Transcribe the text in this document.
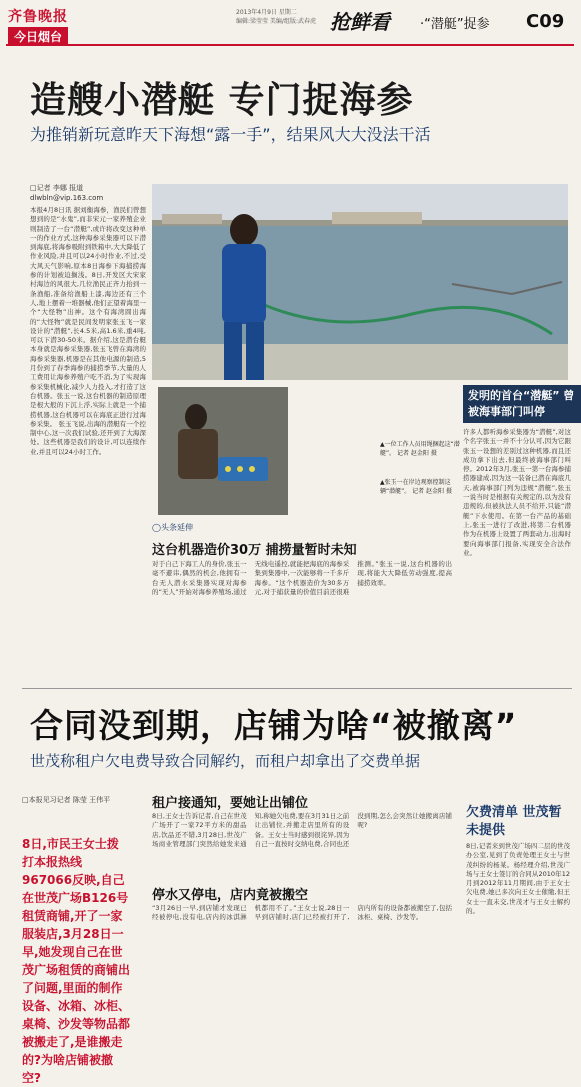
齐鲁晚报
今日烟台
2013年4月9日 星期二
编辑:梁莹莹 美编/组版:武春虎 抢鲜看 ·“潜艇”捉参 C09
造艘小潜艇 专门捉海参
为推销新玩意昨天下海想“露一手”，结果风大大没法干活
□记者 李娜 报道
dlwbln@vip.163.com
本报4月8日讯 据刘衡海参，渔民们曾想想到的是“水鬼”,而非宋元一家养殖企业则制造了一台“潜艇”,或许将改变这种单一的作业方式,这种海参采集器可以下潜到海底,将海参吸附到铁箱中,大大降低了作业风险,并且可以24小时作业,不过,受大风天气影响,原本8日海参下海捕捞海参的计划被迫搁浅。8日,开发区大宋家村海边的风很大,几位渔民正齐力抬到一条渔船,准备给渔船上漆,海边还有三个人,地上摆着一堆器械,他们正望着海里一个“大怪物”出神。这个有海湾圆出海的“大怪物”就是民间发明家张玉飞一家设计的“潜艇”,长4.5米,高1.6米,重4吨,可以下潜30-50米。据介绍,这是潜台艇本身就是海参采集器,张玉飞曾在海湾的海参采集器,机器是在其他电源的制造,5月份到了春季海参的捕捞季节,大量的人工费用让海参养殖户吃不消,为了实现海参采集机械化,减少人力投入,才打造了这台机器。张玉一说,这台机器的制造原理是根大般的下沉上浮,实际上就是一个捕捞机器,这台机器可以在海底正进行过海参采集。 张玉飞说,出海的潜艇有一个控制中心,这一次我们试验,还开到了大海深处。这些机器是我们的设计,可以连续作业,并且可以24小时工作。
▲一位工作人员用绳捆起这“潜艇”。 记者 赵金阳 摄
▲张玉一在岸边观察控制这辆“潜艇”。 记者 赵金阳 摄
发明的首台“潜艇” 曾被海事部门叫停
许多人都听海参采集器为“潜艇”,对这个名字张玉一并不十分认可,因为它跟张玉一设想的差别过这种机器,而且还成功拿下出去,但最终被海事部门叫停。2012年3月,张玉一第一台海参捕捞器建成,因为这一装备已潜在海底几天,被海事部门列为违规“潜艇”,张玉一说当时是根据有关规定的,以为没有违规的,但被执法人员不给开,只能“潜艇”下水使用。在第一台产品的基础上,张玉一进行了改进,将第二台机器作为在机器上设置了两套动力,出海时要向海事部门报备,实现安全合法作业。
◯头条延伸
这台机器造价30万 捕捞量暂时未知
对于自己下海工人的身价,张玉一毫不避讳,偶然的机会,他拥有一台无人潜水采集器实现对海参的“无人”开始对海参养殖场,通过无线电遥控,就能把海底的海参采集到集器中,一次能够将一千多斤海参。“这个机器造价为30多万元,对于捕获量的价值目前还很难推测。”张玉一说,这台机器的出现,将能大大降低劳动强度,提高捕捞效率。
合同没到期，店铺为啥“被撤离”
世茂称租户欠电费导致合同解约，而租户却拿出了交费单据
□本报见习记者 陈莹 王伟平
8日,市民王女士拨打本报热线967066反映,自己在世茂广场B126号租赁商铺,开了一家服装店,3月28日一早,她发现自己在世茂广场租赁的商铺出了问题,里面的制作设备、冰箱、冰柜、桌椅、沙发等物品都被搬走了,是谁搬走的?为啥店铺被撤空?
租户接通知，要她让出铺位
8日,王女士告诉记者,自己在世茂广场开了一家72平方米的甜品店,饮品还不错,3月28日,世茂广场商业管理部门突然给她发来通知,称她欠电费,要在3月31日之前让出铺位,并搬走店里所有的设备。王女士当时感到很诧异,因为自己一直按时交纳电费,合同也还没到期,怎么会突然让她搬离店铺呢?
停水又停电，店内竟被搬空
“3月26日一早,到店铺才发现已经被停电,没有电,店内的冰淇淋机都用不了。”王女士说,28日一早到店铺时,店门已经被打开了,店内所有的设备都被搬空了,包括冰柜、桌椅、沙发等。
欠费清单 世茂暂未提供
8日,记者来到世茂广场四二层的世茂办公室,见到了负责处理王女士与世茂纠纷的杨某。杨经理介绍,世茂广场与王女士签订的合同从2010年12月到2012年11月期间,由于王女士欠电费,她已多次向王女士催缴,但王女士一直未交,世茂才与王女士解约的。
